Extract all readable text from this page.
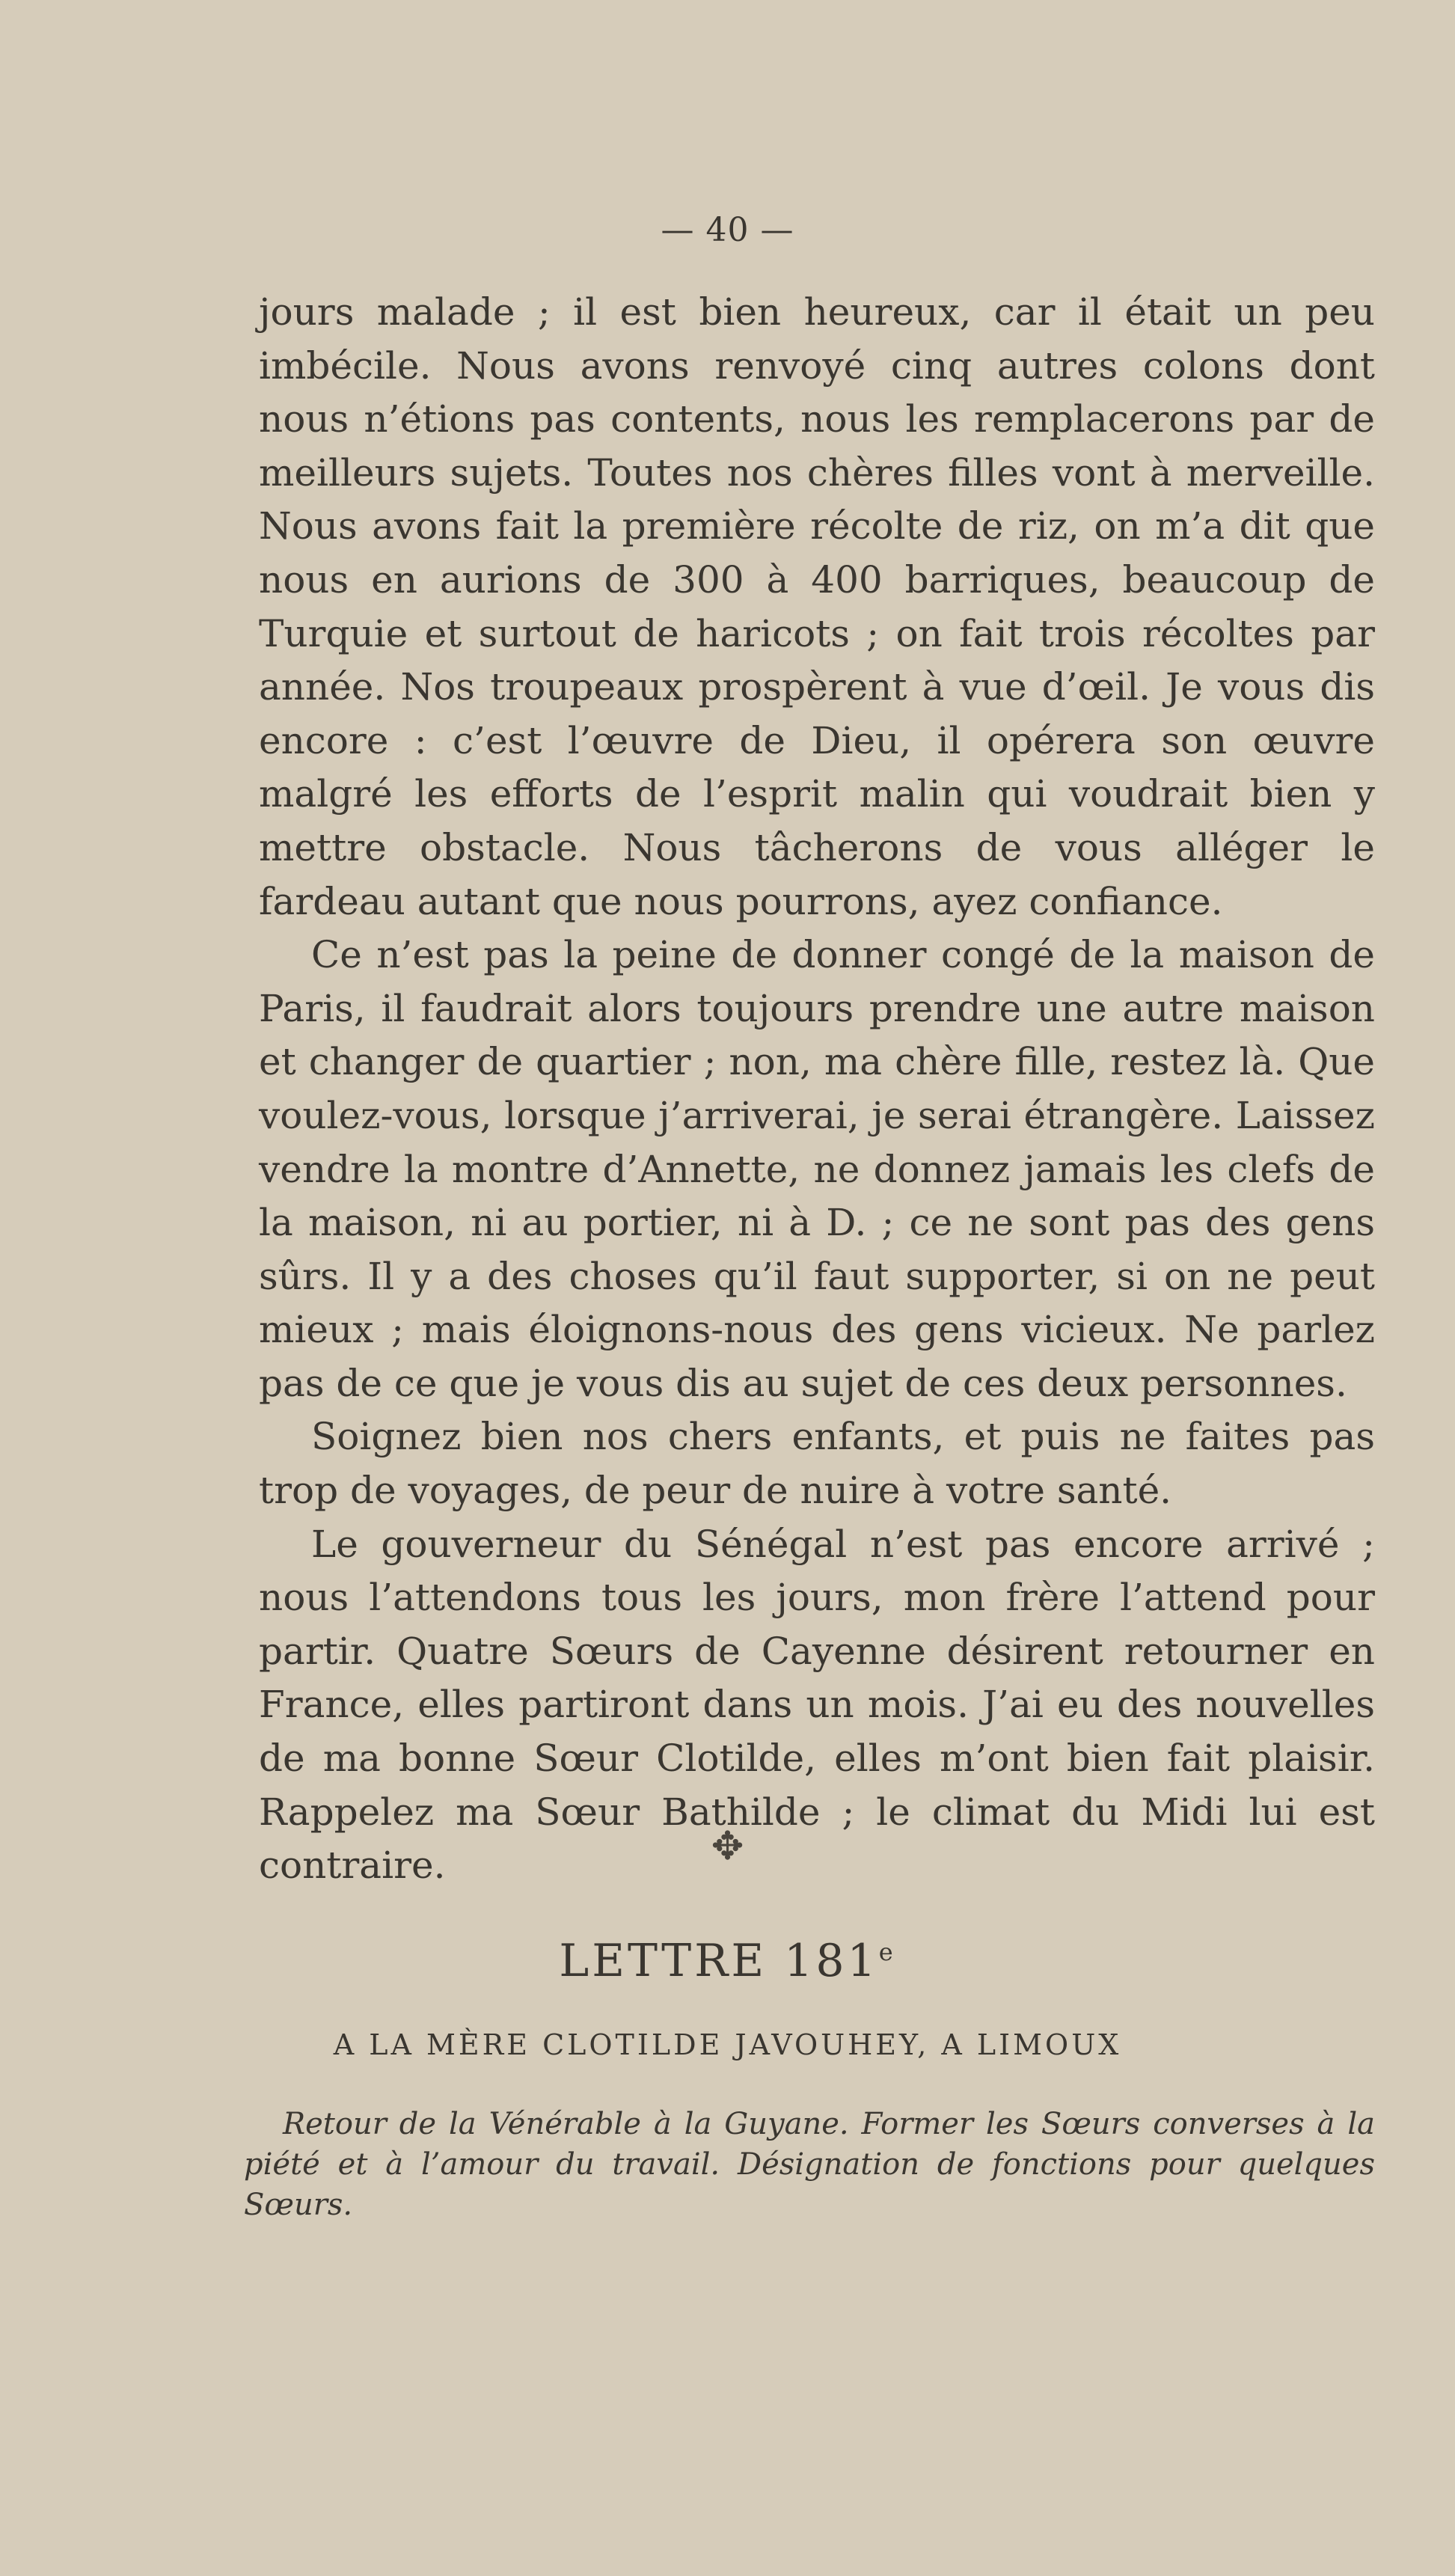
— 40 —

jours malade ; il est bien heureux, car il était un peu imbécile. Nous avons renvoyé cinq autres colons dont nous n’étions pas contents, nous les remplacerons par de meilleurs sujets. Toutes nos chères filles vont à merveille. Nous avons fait la première récolte de riz, on m’a dit que nous en aurions de 300 à 400 barriques, beaucoup de Turquie et surtout de haricots ; on fait trois récoltes par année. Nos troupeaux prospèrent à vue d’œil. Je vous dis encore : c’est l’œuvre de Dieu, il opérera son œuvre malgré les efforts de l’esprit malin qui voudrait bien y mettre obstacle. Nous tâcherons de vous alléger le fardeau autant que nous pourrons, ayez confiance.

Ce n’est pas la peine de donner congé de la maison de Paris, il faudrait alors toujours prendre une autre maison et changer de quartier ; non, ma chère fille, restez là. Que voulez-vous, lorsque j’arriverai, je serai étrangère. Laissez vendre la montre d’Annette, ne donnez jamais les clefs de la maison, ni au portier, ni à D. ; ce ne sont pas des gens sûrs. Il y a des choses qu’il faut supporter, si on ne peut mieux ; mais éloignons-nous des gens vicieux. Ne parlez pas de ce que je vous dis au sujet de ces deux personnes.

Soignez bien nos chers enfants, et puis ne faites pas trop de voyages, de peur de nuire à votre santé.

Le gouverneur du Sénégal n’est pas encore arrivé ; nous l’attendons tous les jours, mon frère l’attend pour partir. Quatre Sœurs de Cayenne désirent retourner en France, elles partiront dans un mois. J’ai eu des nouvelles de ma bonne Sœur Clotilde, elles m’ont bien fait plaisir. Rappelez ma Sœur Bathilde ; le climat du Midi lui est contraire.	✥
LETTRE 181e
A LA MÈRE CLOTILDE JAVOUHEY, A LIMOUX

Retour de la Vénérable à la Guyane. Former les Sœurs converses à la piété et à l’amour du travail. Désignation de fonctions pour quelques Sœurs.
